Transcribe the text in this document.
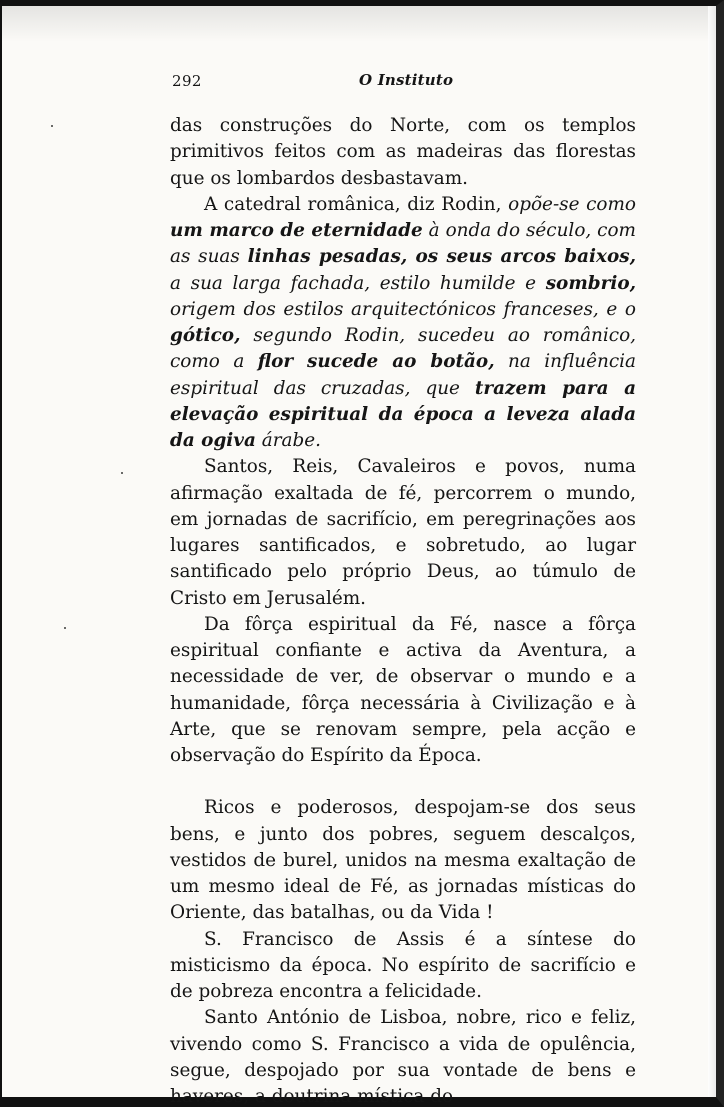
292	O Instituto

das construções do Norte, com os templos primitivos feitos com as madeiras das florestas que os lombardos desbastavam.

A catedral românica, diz Rodin, opõe-se como um marco de eternidade à onda do século, com as suas linhas pesadas, os seus arcos baixos, a sua larga fachada, estilo humilde e sombrio, origem dos estilos arquitectónicos franceses, e o gótico, segundo Rodin, sucedeu ao românico, como a flor sucede ao botão, na influência espiritual das cruzadas, que trazem para a elevação espiritual da época a leveza alada da ogiva árabe.

Santos, Reis, Cavaleiros e povos, numa afirmação exaltada de fé, percorrem o mundo, em jornadas de sacrifício, em peregrinações aos lugares santificados, e sobretudo, ao lugar santificado pelo próprio Deus, ao túmulo de Cristo em Jerusalém.

Da fôrça espiritual da Fé, nasce a fôrça espiritual confiante e activa da Aventura, a necessidade de ver, de observar o mundo e a humanidade, fôrça necessária à Civilização e à Arte, que se renovam sempre, pela acção e observação do Espírito da Época.

Ricos e poderosos, despojam-se dos seus bens, e junto dos pobres, seguem descalços, vestidos de burel, unidos na mesma exaltação de um mesmo ideal de Fé, as jornadas místicas do Oriente, das batalhas, ou da Vida !

S. Francisco de Assis é a síntese do misticismo da época. No espírito de sacrifício e de pobreza encontra a felicidade.

Santo António de Lisboa, nobre, rico e feliz, vivendo como S. Francisco a vida de opulência, segue, despojado por sua vontade de bens e haveres, a doutrina mística do
